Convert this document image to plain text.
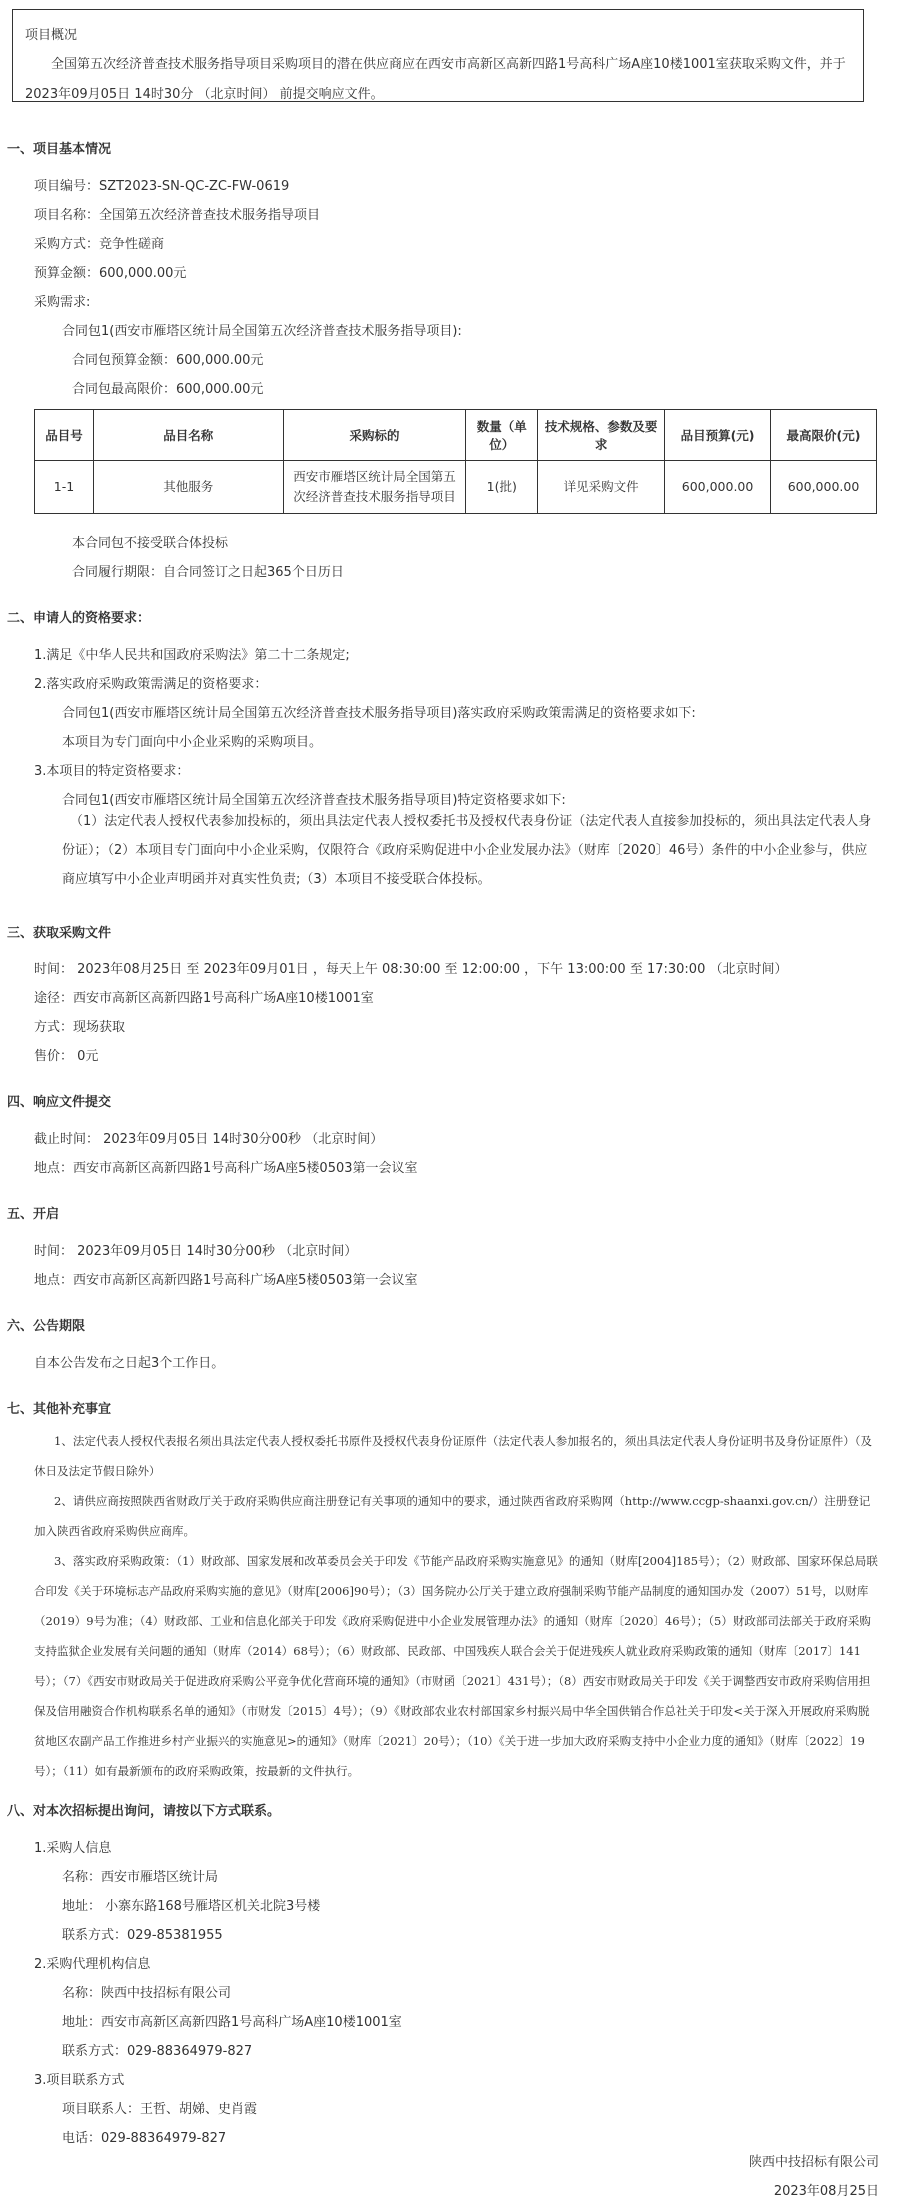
项目概况
全国第五次经济普查技术服务指导项目采购项目的潜在供应商应在西安市高新区高新四路1号高科广场A座10楼1001室获取采购文件，并于 2023年09月05日 14时30分 （北京时间） 前提交响应文件。
一、项目基本情况
项目编号：SZT2023-SN-QC-ZC-FW-0619
项目名称：全国第五次经济普查技术服务指导项目
采购方式：竞争性磋商
预算金额：600,000.00元
采购需求:
合同包1(西安市雁塔区统计局全国第五次经济普查技术服务指导项目):
合同包预算金额：600,000.00元
合同包最高限价：600,000.00元
品目号	品目名称	采购标的	数量（单位）	技术规格、参数及要求	品目预算(元)	最高限价(元)
1-1	其他服务	西安市雁塔区统计局全国第五次经济普查技术服务指导项目	1(批)	详见采购文件	600,000.00	600,000.00
本合同包不接受联合体投标
合同履行期限：自合同签订之日起365个日历日
二、申请人的资格要求：
1.满足《中华人民共和国政府采购法》第二十二条规定;
2.落实政府采购政策需满足的资格要求：
合同包1(西安市雁塔区统计局全国第五次经济普查技术服务指导项目)落实政府采购政策需满足的资格要求如下:
本项目为专门面向中小企业采购的采购项目。
3.本项目的特定资格要求：
合同包1(西安市雁塔区统计局全国第五次经济普查技术服务指导项目)特定资格要求如下:
（1）法定代表人授权代表参加投标的，须出具法定代表人授权委托书及授权代表身份证（法定代表人直接参加投标的，须出具法定代表人身份证）；（2）本项目专门面向中小企业采购，仅限符合《政府采购促进中小企业发展办法》（财库〔2020〕46号）条件的中小企业参与，供应商应填写中小企业声明函并对真实性负责;（3）本项目不接受联合体投标。
三、获取采购文件
时间： 2023年08月25日 至 2023年09月01日 ，每天上午 08:30:00 至 12:00:00 ，下午 13:00:00 至 17:30:00 （北京时间）
途径：西安市高新区高新四路1号高科广场A座10楼1001室
方式：现场获取
售价： 0元
四、响应文件提交
截止时间： 2023年09月05日 14时30分00秒 （北京时间）
地点：西安市高新区高新四路1号高科广场A座5楼0503第一会议室
五、开启
时间： 2023年09月05日 14时30分00秒 （北京时间）
地点：西安市高新区高新四路1号高科广场A座5楼0503第一会议室
六、公告期限
自本公告发布之日起3个工作日。
七、其他补充事宜
1、法定代表人授权代表报名须出具法定代表人授权委托书原件及授权代表身份证原件（法定代表人参加报名的，须出具法定代表人身份证明书及身份证原件）（及休日及法定节假日除外）
2、请供应商按照陕西省财政厅关于政府采购供应商注册登记有关事项的通知中的要求，通过陕西省政府采购网（http://www.ccgp-shaanxi.gov.cn/）注册登记加入陕西省政府采购供应商库。
3、落实政府采购政策：（1）财政部、国家发展和改革委员会关于印发《节能产品政府采购实施意见》的通知（财库[2004]185号）；（2）财政部、国家环保总局联合印发《关于环境标志产品政府采购实施的意见》（财库[2006]90号）；（3）国务院办公厅关于建立政府强制采购节能产品制度的通知国办发（2007）51号，以财库（2019）9号为准；（4）财政部、工业和信息化部关于印发《政府采购促进中小企业发展管理办法》的通知（财库〔2020〕46号）；（5）财政部司法部关于政府采购支持监狱企业发展有关问题的通知（财库（2014）68号）；（6）财政部、民政部、中国残疾人联合会关于促进残疾人就业政府采购政策的通知（财库〔2017〕141号）；（7）《西安市财政局关于促进政府采购公平竞争优化营商环境的通知》（市财函〔2021〕431号）；（8）西安市财政局关于印发《关于调整西安市政府采购信用担保及信用融资合作机构联系名单的通知》（市财发〔2015〕4号）；（9）《财政部农业农村部国家乡村振兴局中华全国供销合作总社关于印发<关于深入开展政府采购脱贫地区农副产品工作推进乡村产业振兴的实施意见>的通知》（财库〔2021〕20号）；（10）《关于进一步加大政府采购支持中小企业力度的通知》（财库〔2022〕19号）；（11）如有最新颁布的政府采购政策，按最新的文件执行。
八、对本次招标提出询问，请按以下方式联系。
1.采购人信息
名称：西安市雁塔区统计局
地址： 小寨东路168号雁塔区机关北院3号楼
联系方式：029-85381955
2.采购代理机构信息
名称：陕西中技招标有限公司
地址：西安市高新区高新四路1号高科广场A座10楼1001室
联系方式：029-88364979-827
3.项目联系方式
项目联系人：王哲、胡娣、史肖霞
电话：029-88364979-827
陕西中技招标有限公司
2023年08月25日
